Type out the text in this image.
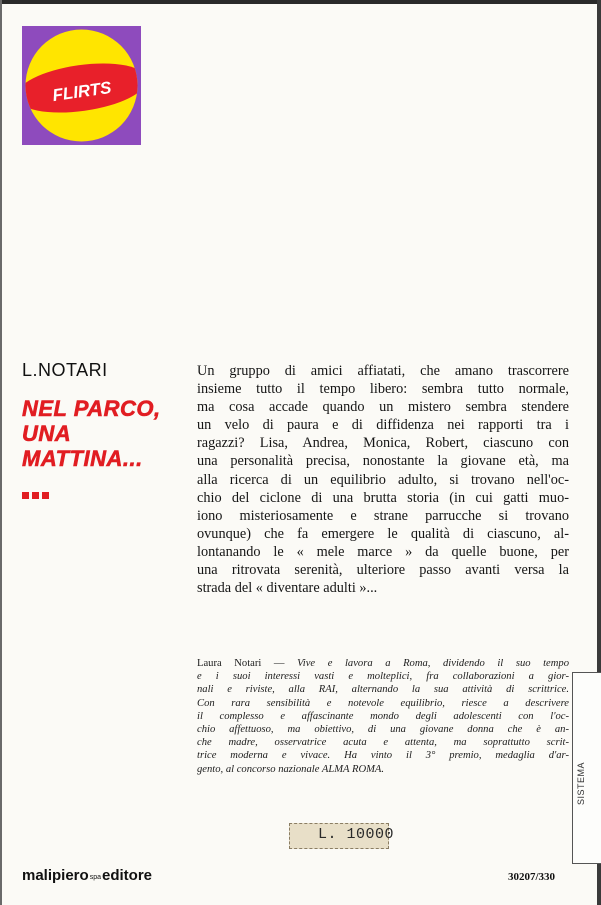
FLIRTS
L.NOTARI
NEL PARCO,
UNA
MATTINA...
Un gruppo di amici affiatati, che amano trascorrere
insieme tutto il tempo libero: sembra tutto normale,
ma cosa accade quando un mistero sembra stendere
un velo di paura e di diffidenza nei rapporti tra i
ragazzi? Lisa, Andrea, Monica, Robert, ciascuno con
una personalità precisa, nonostante la giovane età, ma
alla ricerca di un equilibrio adulto, si trovano nell'oc-
chio del ciclone di una brutta storia (in cui gatti muo-
iono misteriosamente e strane parrucche si trovano
ovunque) che fa emergere le qualità di ciascuno, al-
lontanando le « mele marce » da quelle buone, per
una ritrovata serenità, ulteriore passo avanti versa la
strada del « diventare adulti »...
Laura Notari — Vive e lavora a Roma, dividendo il suo tempo
e i suoi interessi vasti e molteplici, fra collaborazioni a gior-
nali e riviste, alla RAI, alternando la sua attività di scrittrice.
Con rara sensibilità e notevole equilibrio, riesce a descrivere
il complesso e affascinante mondo degli adolescenti con l'oc-
chio affettuoso, ma obiettivo, di una giovane donna che è an-
che madre, osservatrice acuta e attenta, ma soprattutto scrit-
trice moderna e vivace. Ha vinto il 3° premio, medaglia d'ar-
gento, al concorso nazionale ALMA ROMA.	SISTEMA
L. 10000
malipierospaeditore	30207/330
